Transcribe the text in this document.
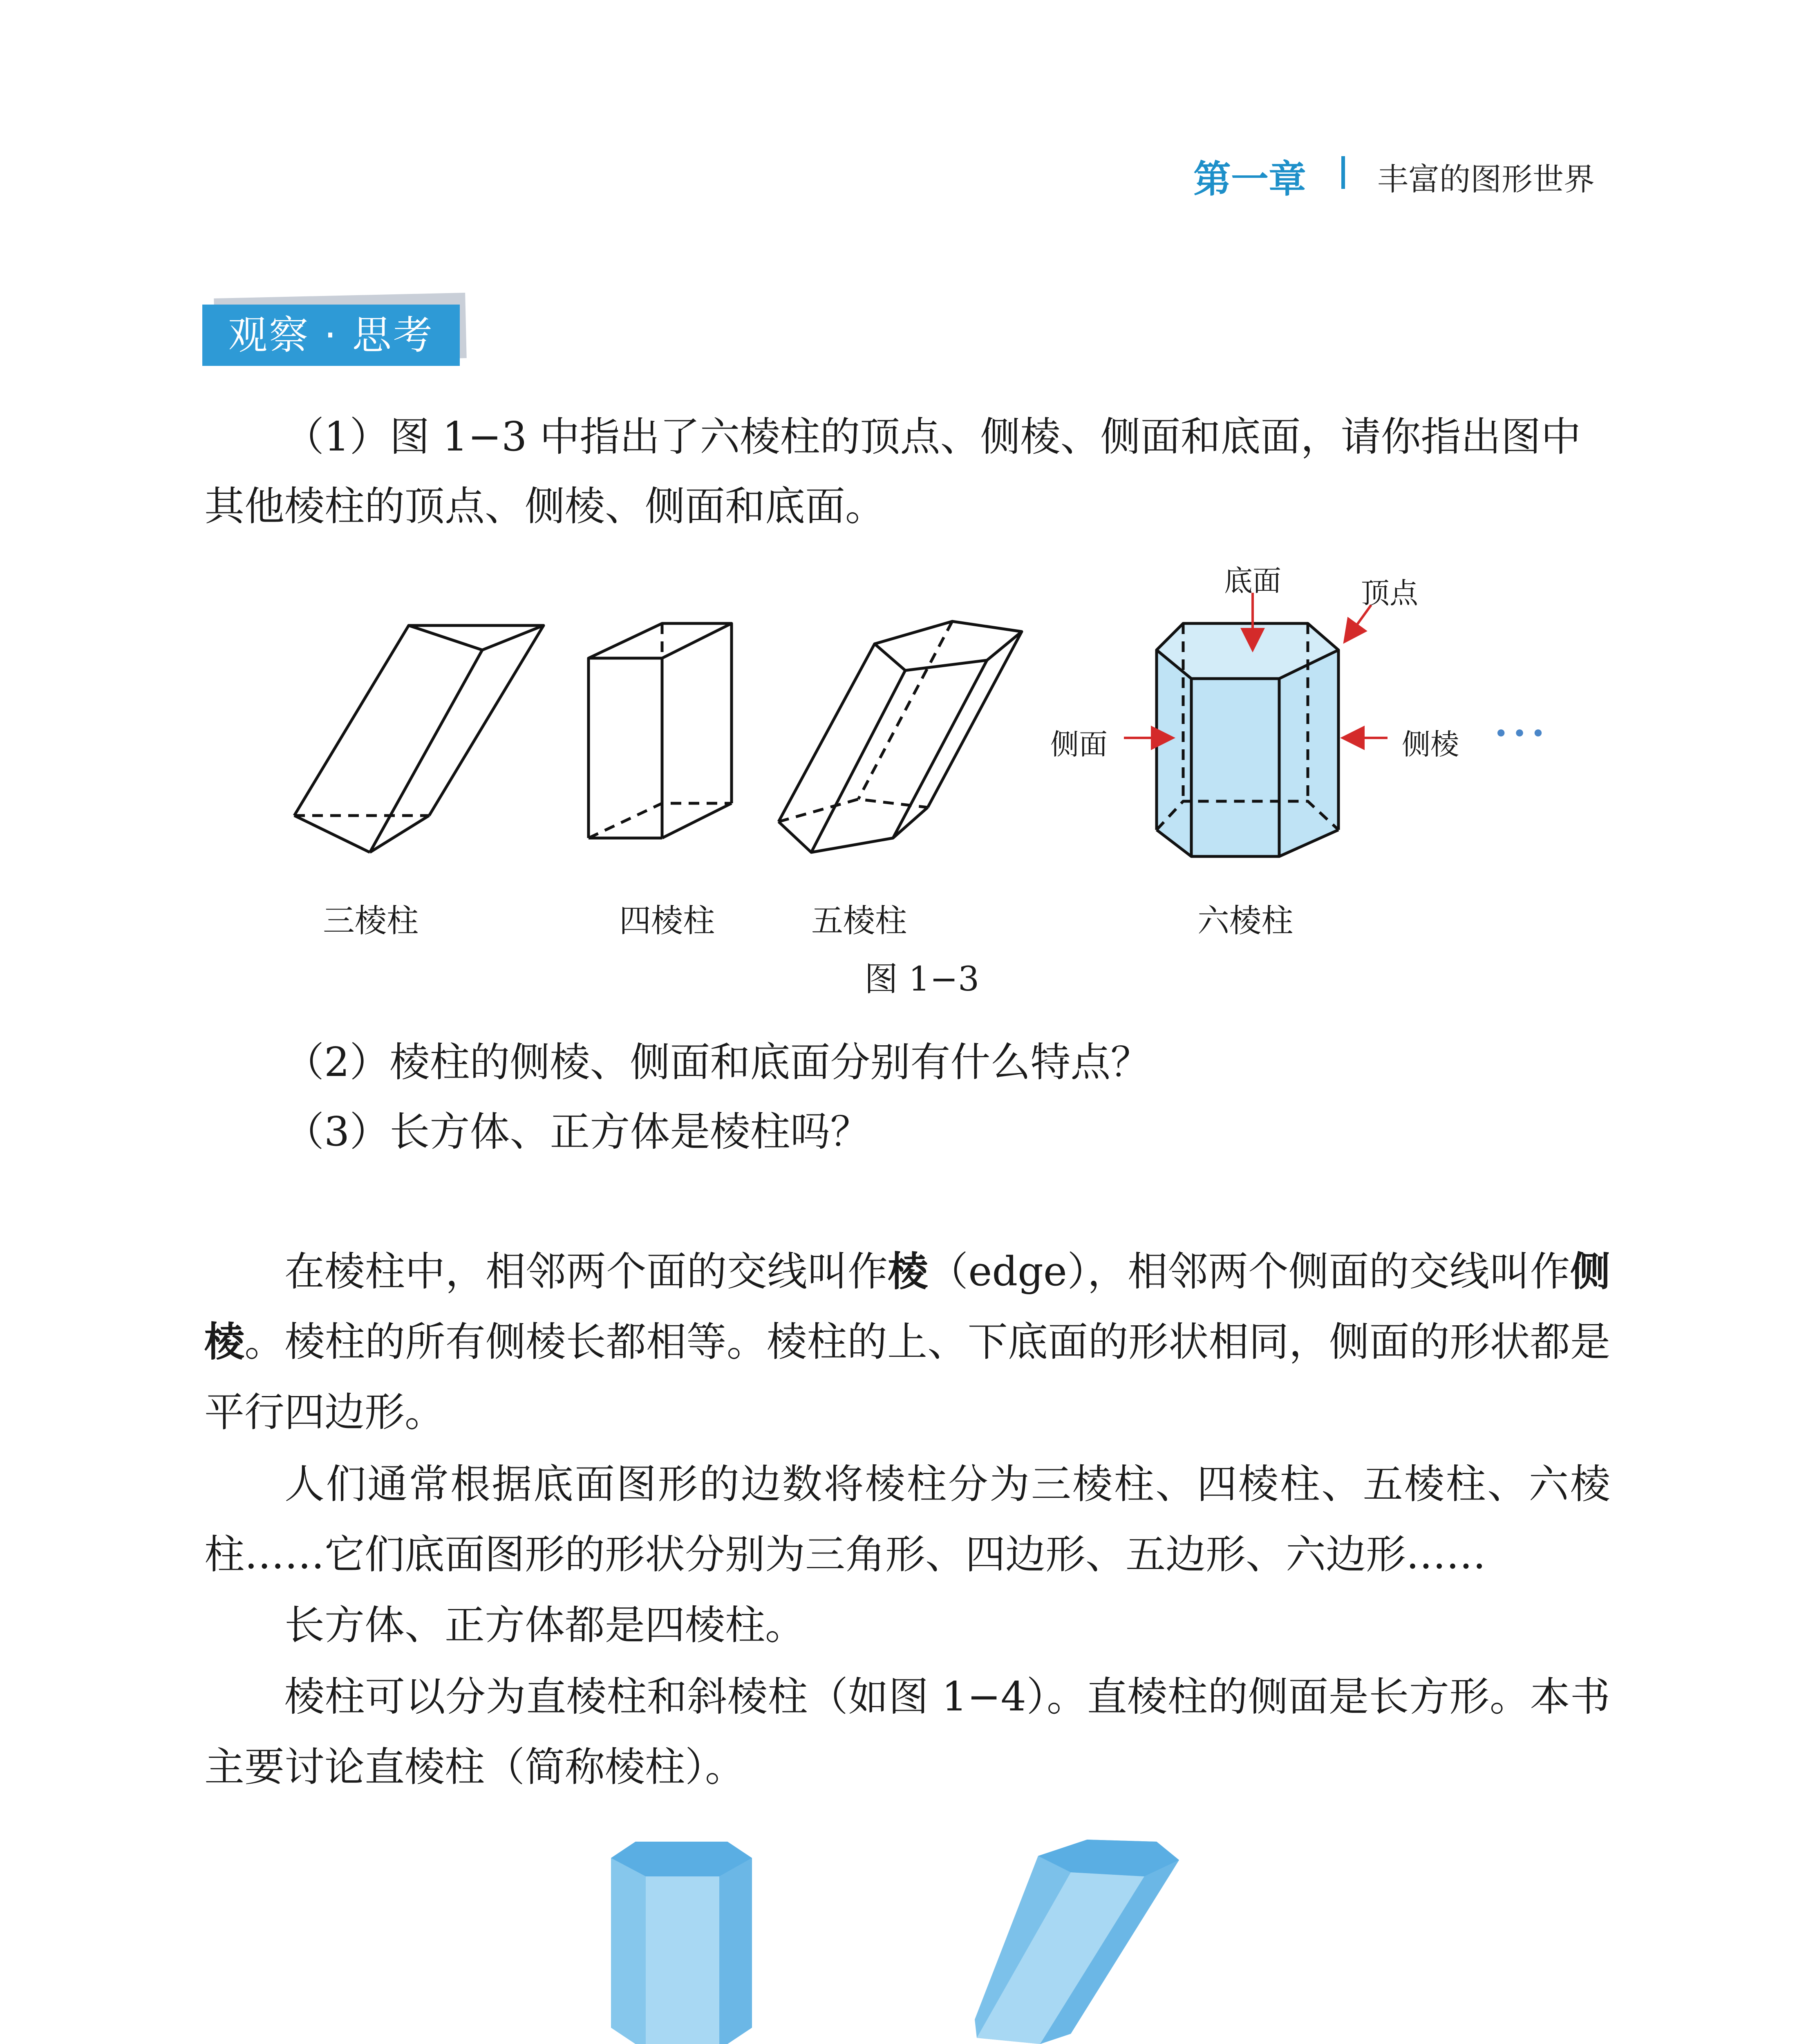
第一章 丰富的图形世界
观察 · 思考
（1）图 1−3 中指出了六棱柱的顶点、侧棱、侧面和底面，请你指出图中
其他棱柱的顶点、侧棱、侧面和底面。
底面	顶点
侧面	侧棱 •••
三棱柱	四棱柱	五棱柱	六棱柱
图 1−3
（2）棱柱的侧棱、侧面和底面分别有什么特点？
（3）长方体、正方体是棱柱吗？
在棱柱中，相邻两个面的交线叫作棱（edge），相邻两个侧面的交线叫作侧棱。棱柱的所有侧棱长都相等。棱柱的上、下底面的形状相同，侧面的形状都是平行四边形。
人们通常根据底面图形的边数将棱柱分为三棱柱、四棱柱、五棱柱、六棱柱……它们底面图形的形状分别为三角形、四边形、五边形、六边形……
长方体、正方体都是四棱柱。
棱柱可以分为直棱柱和斜棱柱（如图 1−4）。直棱柱的侧面是长方形。本书主要讨论直棱柱（简称棱柱）。
